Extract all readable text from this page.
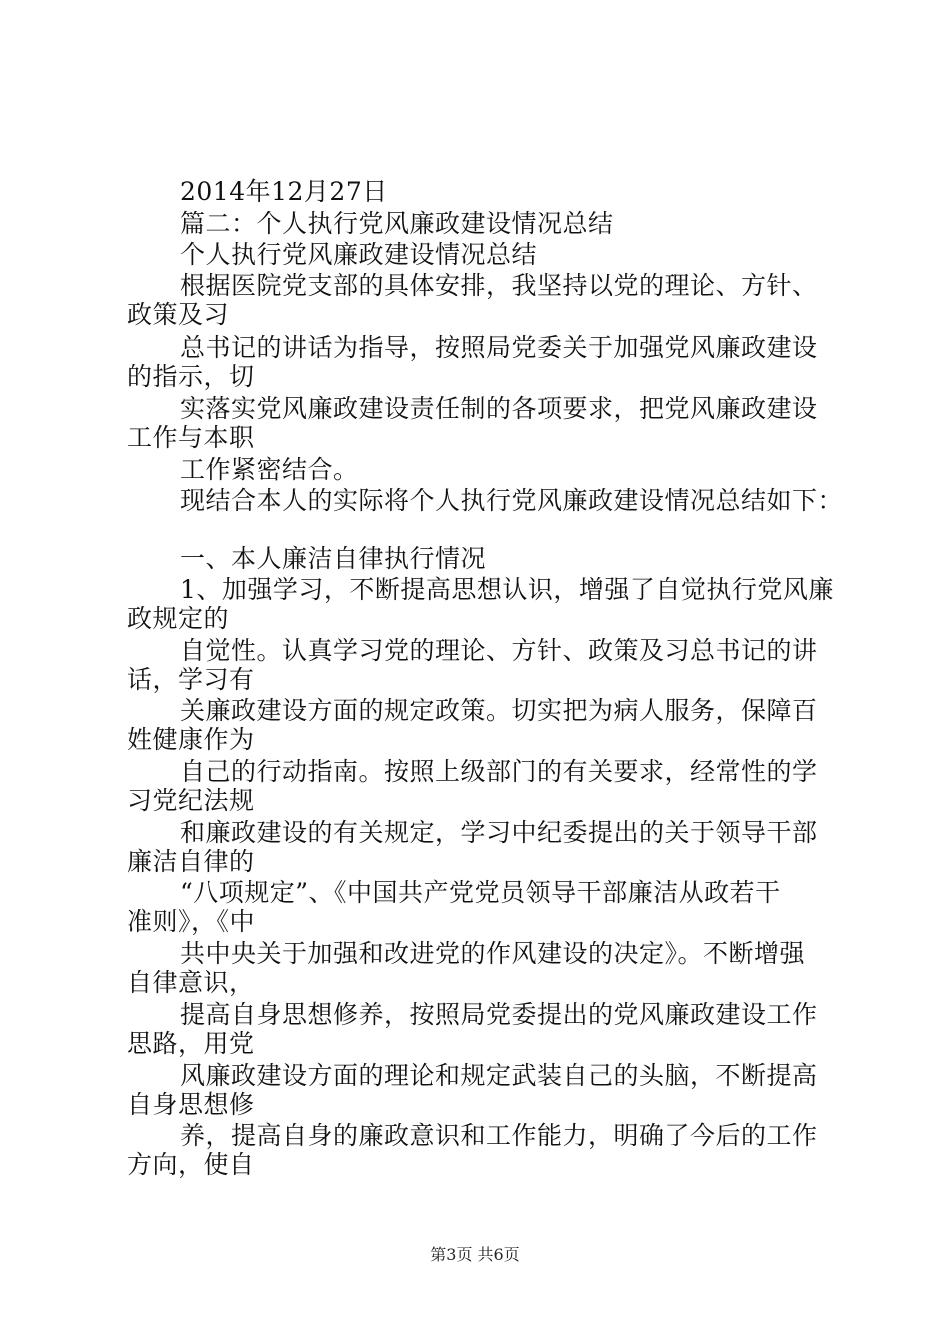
2014年12月27日
篇二：个人执行党风廉政建设情况总结
个人执行党风廉政建设情况总结
根据医院党支部的具体安排，我坚持以党的理论、方针、
政策及习
总书记的讲话为指导，按照局党委关于加强党风廉政建设
的指示，切
实落实党风廉政建设责任制的各项要求，把党风廉政建设
工作与本职
工作紧密结合。
现结合本人的实际将个人执行党风廉政建设情况总结如下：
一、本人廉洁自律执行情况
1、加强学习，不断提高思想认识，增强了自觉执行党风廉
政规定的
自觉性。认真学习党的理论、方针、政策及习总书记的讲
话，学习有
关廉政建设方面的规定政策。切实把为病人服务，保障百
姓健康作为
自己的行动指南。按照上级部门的有关要求，经常性的学
习党纪法规
和廉政建设的有关规定，学习中纪委提出的关于领导干部
廉洁自律的
“八项规定”、《中国共产党党员领导干部廉洁从政若干
准则》，《中
共中央关于加强和改进党的作风建设的决定》。不断增强
自律意识，
提高自身思想修养，按照局党委提出的党风廉政建设工作
思路，用党
风廉政建设方面的理论和规定武装自己的头脑，不断提高
自身思想修
养，提高自身的廉政意识和工作能力，明确了今后的工作
方向，使自
第3页 共6页
